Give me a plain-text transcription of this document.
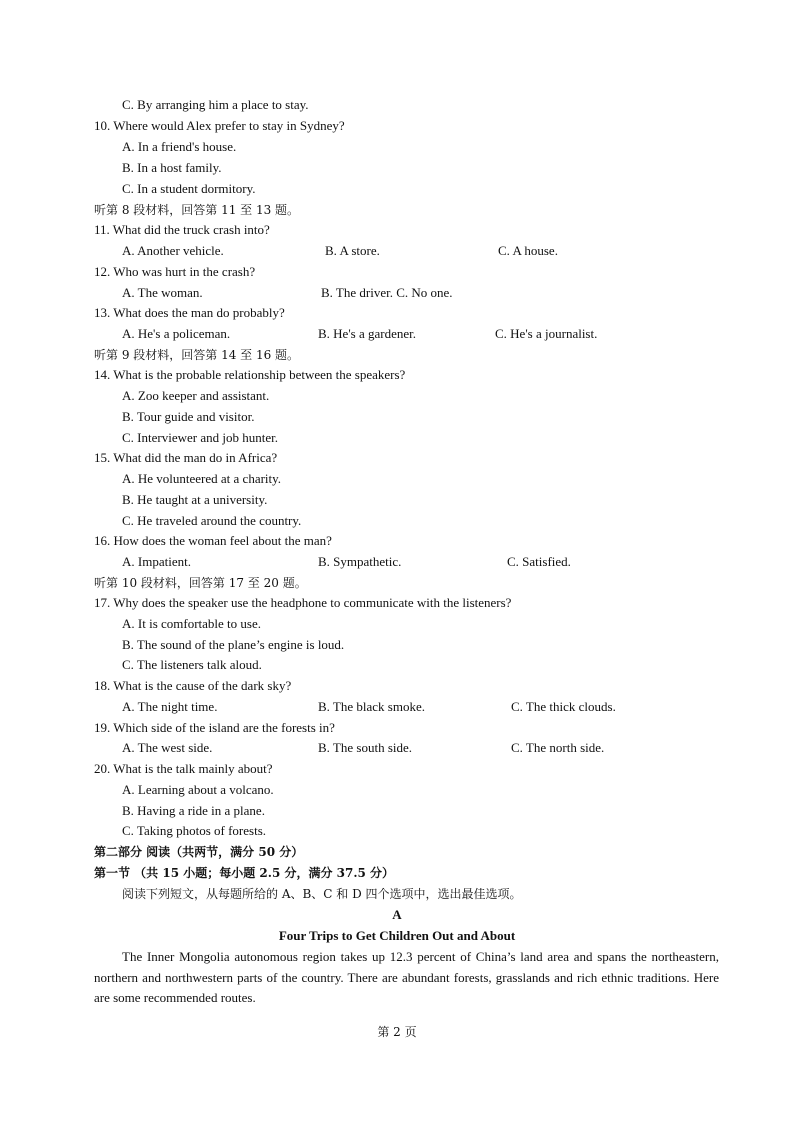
C. By arranging him a place to stay.
10. Where would Alex prefer to stay in Sydney?
A. In a friend's house.
B. In a host family.
C. In a student dormitory.
听第 8 段材料，回答第 11 至 13 题。
11. What did the truck crash into?
A. Another vehicle.	B. A store.	C. A house.
12. Who was hurt in the crash?
A. The woman.	B. The driver. C. No one.
13. What does the man do probably?
A. He's a policeman.	B. He's a gardener.	C. He's a journalist.
听第 9 段材料，回答第 14 至 16 题。
14. What is the probable relationship between the speakers?
A. Zoo keeper and assistant.
B. Tour guide and visitor.
C. Interviewer and job hunter.
15. What did the man do in Africa?
A. He volunteered at a charity.
B. He taught at a university.
C. He traveled around the country.
16. How does the woman feel about the man?
A. Impatient.	B. Sympathetic.	C. Satisfied.
听第 10 段材料，回答第 17 至 20 题。
17. Why does the speaker use the headphone to communicate with the listeners?
A. It is comfortable to use.
B. The sound of the plane’s engine is loud.
C. The listeners talk aloud.
18. What is the cause of the dark sky?
A. The night time.	B. The black smoke.	C. The thick clouds.
19. Which side of the island are the forests in?
A. The west side.	B. The south side.	C. The north side.
20. What is the talk mainly about?
A. Learning about a volcano.
B. Having a ride in a plane.
C. Taking photos of forests.
第二部分 阅读（共两节，满分 50 分）
第一节 （共 15 小题；每小题 2.5 分，满分 37.5 分）
阅读下列短文，从每题所给的 A、B、C 和 D 四个选项中，选出最佳选项。
A
Four Trips to Get Children Out and About
The Inner Mongolia autonomous region takes up 12.3 percent of China’s land area and spans the northeastern, northern and northwestern parts of the country. There are abundant forests, grasslands and rich ethnic traditions. Here are some recommended routes.
第 2 页
